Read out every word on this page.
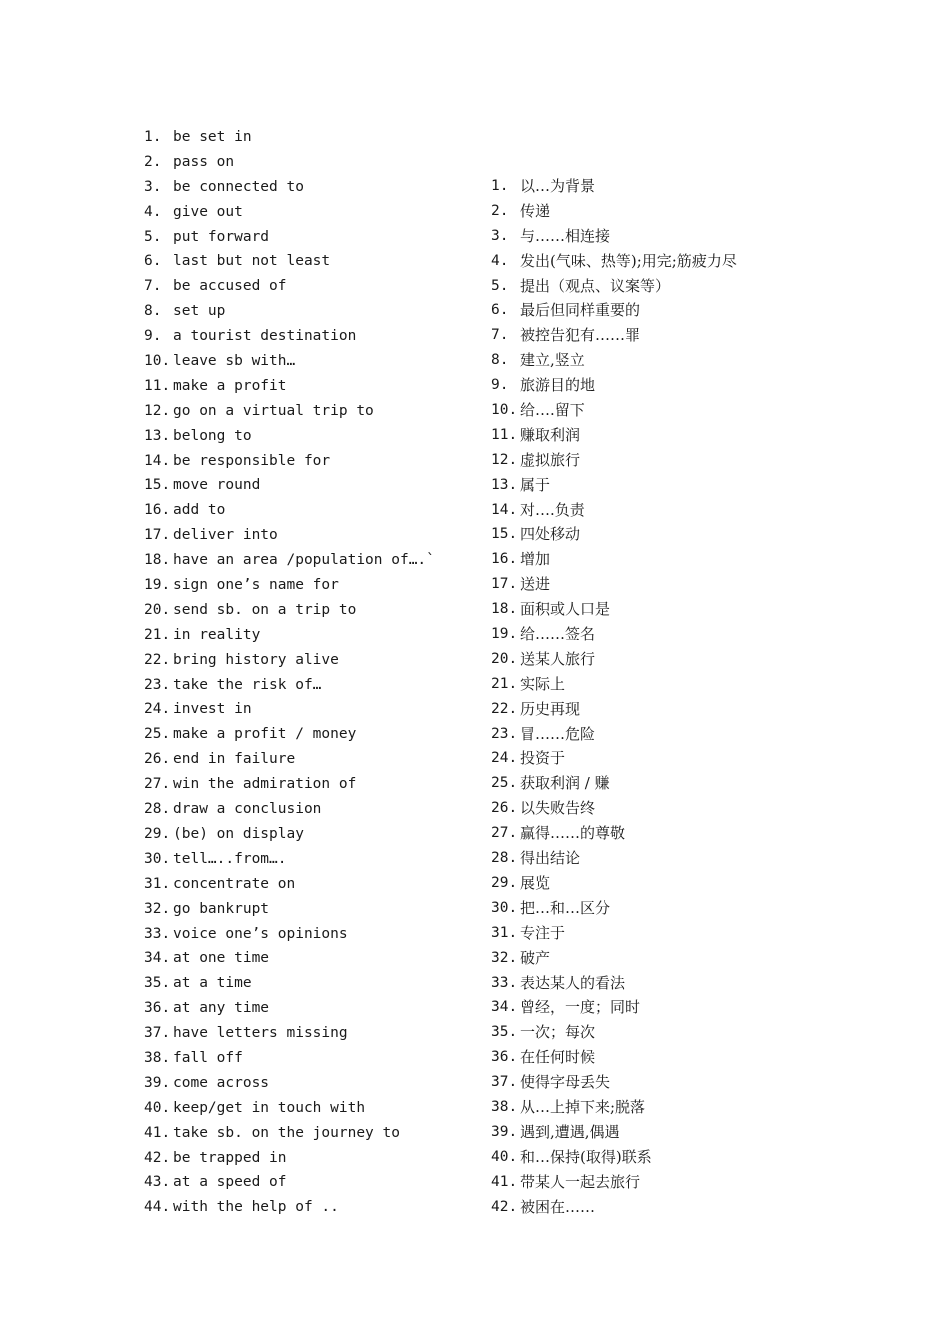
1. be set in
2. pass on
3. be connected to
4. give out
5. put forward
6. last but not least
7. be accused of
8. set up
9. a tourist destination
10. leave sb with…
11. make a profit
12. go on a virtual trip to
13. belong to
14. be responsible for
15. move round
16. add to
17. deliver into
18. have an area /population of….`
19. sign one’s name for
20. send sb. on a trip to
21. in reality
22. bring history alive
23. take the risk of…
24. invest in
25. make a profit / money
26. end in failure
27. win the admiration of
28. draw a conclusion
29. (be) on display
30. tell…..from….
31. concentrate on
32. go bankrupt
33. voice one’s opinions
34. at one time
35. at a time
36. at any time
37. have letters missing
38. fall off
39. come across
40. keep/get in touch with
41. take sb. on the journey to
42. be trapped in
43. at a speed of
44. with the help of ..
1. 以…为背景
2. 传递
3. 与……相连接
4. 发出(气味、热等);用完;筋疲力尽
5. 提出（观点、议案等）
6. 最后但同样重要的
7. 被控告犯有……罪
8. 建立,竖立
9. 旅游目的地
10. 给….留下
11. 赚取利润
12. 虚拟旅行
13. 属于
14. 对….负责
15. 四处移动
16. 增加
17. 送进
18. 面积或人口是
19. 给……签名
20. 送某人旅行
21. 实际上
22. 历史再现
23. 冒……危险
24. 投资于
25. 获取利润 / 赚
26. 以失败告终
27. 赢得……的尊敬
28. 得出结论
29. 展览
30. 把…和…区分
31. 专注于
32. 破产
33. 表达某人的看法
34. 曾经，一度；同时
35. 一次；每次
36. 在任何时候
37. 使得字母丢失
38. 从…上掉下来;脱落
39. 遇到,遭遇,偶遇
40. 和…保持(取得)联系
41. 带某人一起去旅行
42. 被困在……
